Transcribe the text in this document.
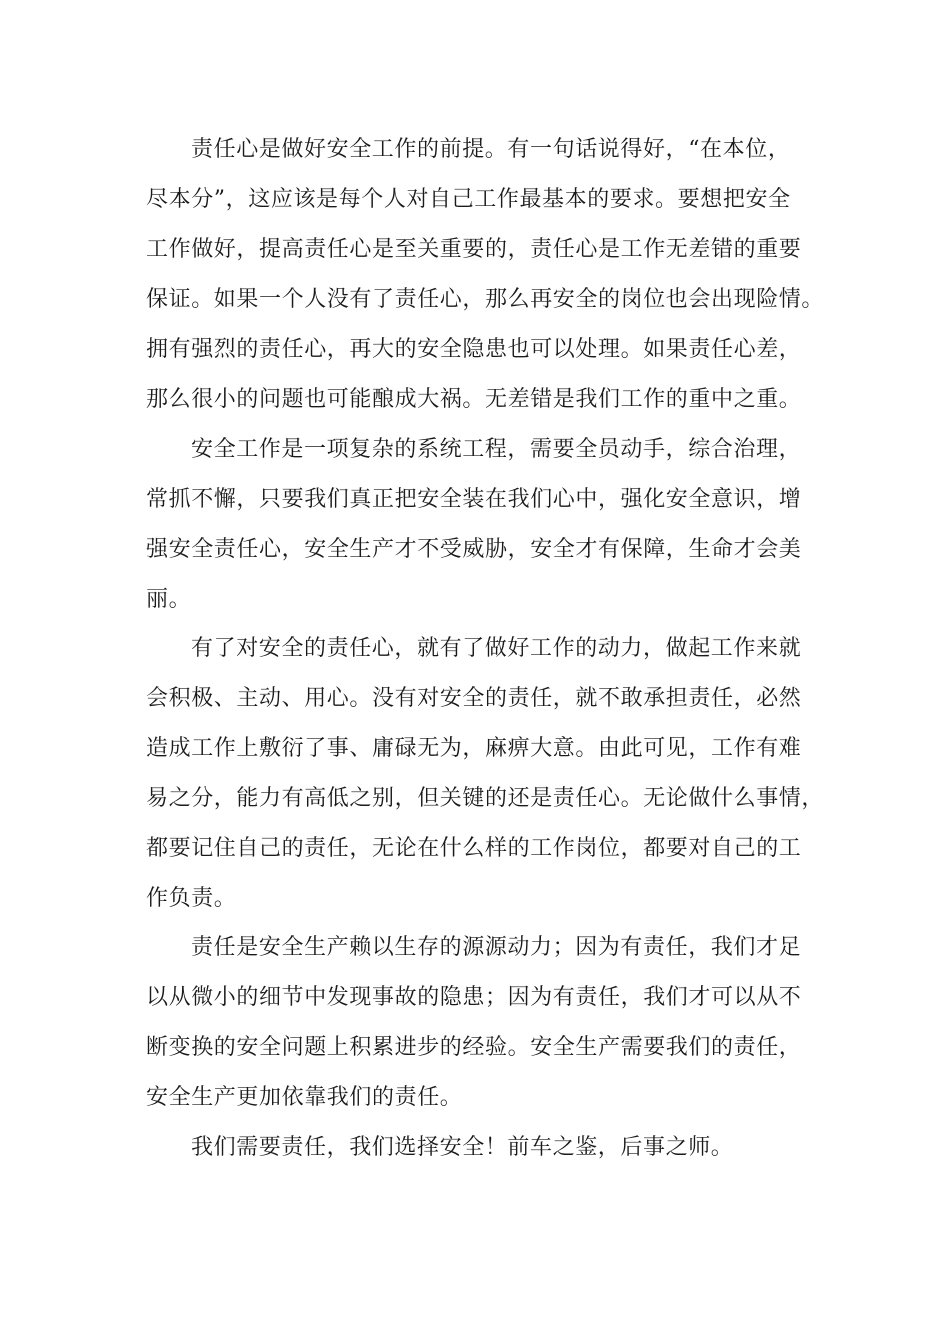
责任心是做好安全工作的前提。有一句话说得好，“在本位，
尽本分”，这应该是每个人对自己工作最基本的要求。要想把安全
工作做好，提高责任心是至关重要的，责任心是工作无差错的重要
保证。如果一个人没有了责任心，那么再安全的岗位也会出现险情。
拥有强烈的责任心，再大的安全隐患也可以处理。如果责任心差，
那么很小的问题也可能酿成大祸。无差错是我们工作的重中之重。
安全工作是一项复杂的系统工程，需要全员动手，综合治理，
常抓不懈，只要我们真正把安全装在我们心中，强化安全意识，增
强安全责任心，安全生产才不受威胁，安全才有保障，生命才会美
丽。
有了对安全的责任心，就有了做好工作的动力，做起工作来就
会积极、主动、用心。没有对安全的责任，就不敢承担责任，必然
造成工作上敷衍了事、庸碌无为，麻痹大意。由此可见，工作有难
易之分，能力有高低之别，但关键的还是责任心。无论做什么事情，
都要记住自己的责任，无论在什么样的工作岗位，都要对自己的工
作负责。
责任是安全生产赖以生存的源源动力；因为有责任，我们才足
以从微小的细节中发现事故的隐患；因为有责任，我们才可以从不
断变换的安全问题上积累进步的经验。安全生产需要我们的责任，
安全生产更加依靠我们的责任。
我们需要责任，我们选择安全！前车之鉴，后事之师。
